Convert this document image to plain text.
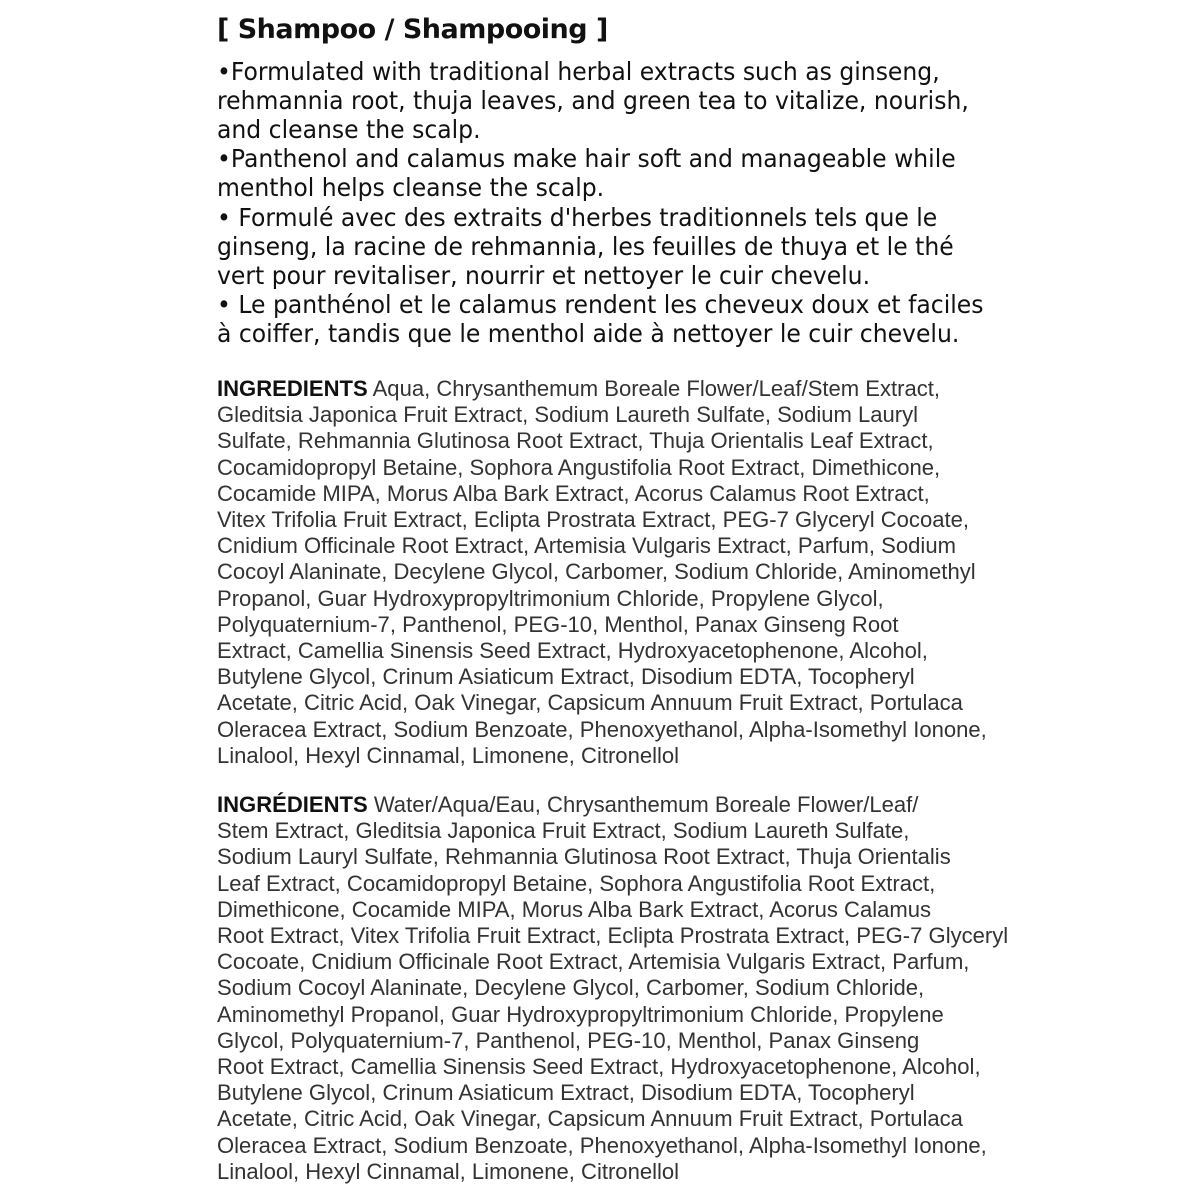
[ Shampoo / Shampooing ]
•Formulated with traditional herbal extracts such as ginseng,
rehmannia root, thuja leaves, and green tea to vitalize, nourish,
and cleanse the scalp.
•Panthenol and calamus make hair soft and manageable while
menthol helps cleanse the scalp.
• Formulé avec des extraits d'herbes traditionnels tels que le
ginseng, la racine de rehmannia, les feuilles de thuya et le thé
vert pour revitaliser, nourrir et nettoyer le cuir chevelu.
• Le panthénol et le calamus rendent les cheveux doux et faciles
à coiffer, tandis que le menthol aide à nettoyer le cuir chevelu.
INGREDIENTS Aqua, Chrysanthemum Boreale Flower/Leaf/Stem Extract,
Gleditsia Japonica Fruit Extract, Sodium Laureth Sulfate, Sodium Lauryl
Sulfate, Rehmannia Glutinosa Root Extract, Thuja Orientalis Leaf Extract,
Cocamidopropyl Betaine, Sophora Angustifolia Root Extract, Dimethicone,
Cocamide MIPA, Morus Alba Bark Extract, Acorus Calamus Root Extract,
Vitex Trifolia Fruit Extract, Eclipta Prostrata Extract, PEG-7 Glyceryl Cocoate,
Cnidium Officinale Root Extract, Artemisia Vulgaris Extract, Parfum, Sodium
Cocoyl Alaninate, Decylene Glycol, Carbomer, Sodium Chloride, Aminomethyl
Propanol, Guar Hydroxypropyltrimonium Chloride, Propylene Glycol,
Polyquaternium-7, Panthenol, PEG-10, Menthol, Panax Ginseng Root
Extract, Camellia Sinensis Seed Extract, Hydroxyacetophenone, Alcohol,
Butylene Glycol, Crinum Asiaticum Extract, Disodium EDTA, Tocopheryl
Acetate, Citric Acid, Oak Vinegar, Capsicum Annuum Fruit Extract, Portulaca
Oleracea Extract, Sodium Benzoate, Phenoxyethanol, Alpha-Isomethyl Ionone,
Linalool, Hexyl Cinnamal, Limonene, Citronellol
INGRÉDIENTS Water/Aqua/Eau, Chrysanthemum Boreale Flower/Leaf/
Stem Extract, Gleditsia Japonica Fruit Extract, Sodium Laureth Sulfate,
Sodium Lauryl Sulfate, Rehmannia Glutinosa Root Extract, Thuja Orientalis
Leaf Extract, Cocamidopropyl Betaine, Sophora Angustifolia Root Extract,
Dimethicone, Cocamide MIPA, Morus Alba Bark Extract, Acorus Calamus
Root Extract, Vitex Trifolia Fruit Extract, Eclipta Prostrata Extract, PEG-7 Glyceryl
Cocoate, Cnidium Officinale Root Extract, Artemisia Vulgaris Extract, Parfum,
Sodium Cocoyl Alaninate, Decylene Glycol, Carbomer, Sodium Chloride,
Aminomethyl Propanol, Guar Hydroxypropyltrimonium Chloride, Propylene
Glycol, Polyquaternium-7, Panthenol, PEG-10, Menthol, Panax Ginseng
Root Extract, Camellia Sinensis Seed Extract, Hydroxyacetophenone, Alcohol,
Butylene Glycol, Crinum Asiaticum Extract, Disodium EDTA, Tocopheryl
Acetate, Citric Acid, Oak Vinegar, Capsicum Annuum Fruit Extract, Portulaca
Oleracea Extract, Sodium Benzoate, Phenoxyethanol, Alpha-Isomethyl Ionone,
Linalool, Hexyl Cinnamal, Limonene, Citronellol
